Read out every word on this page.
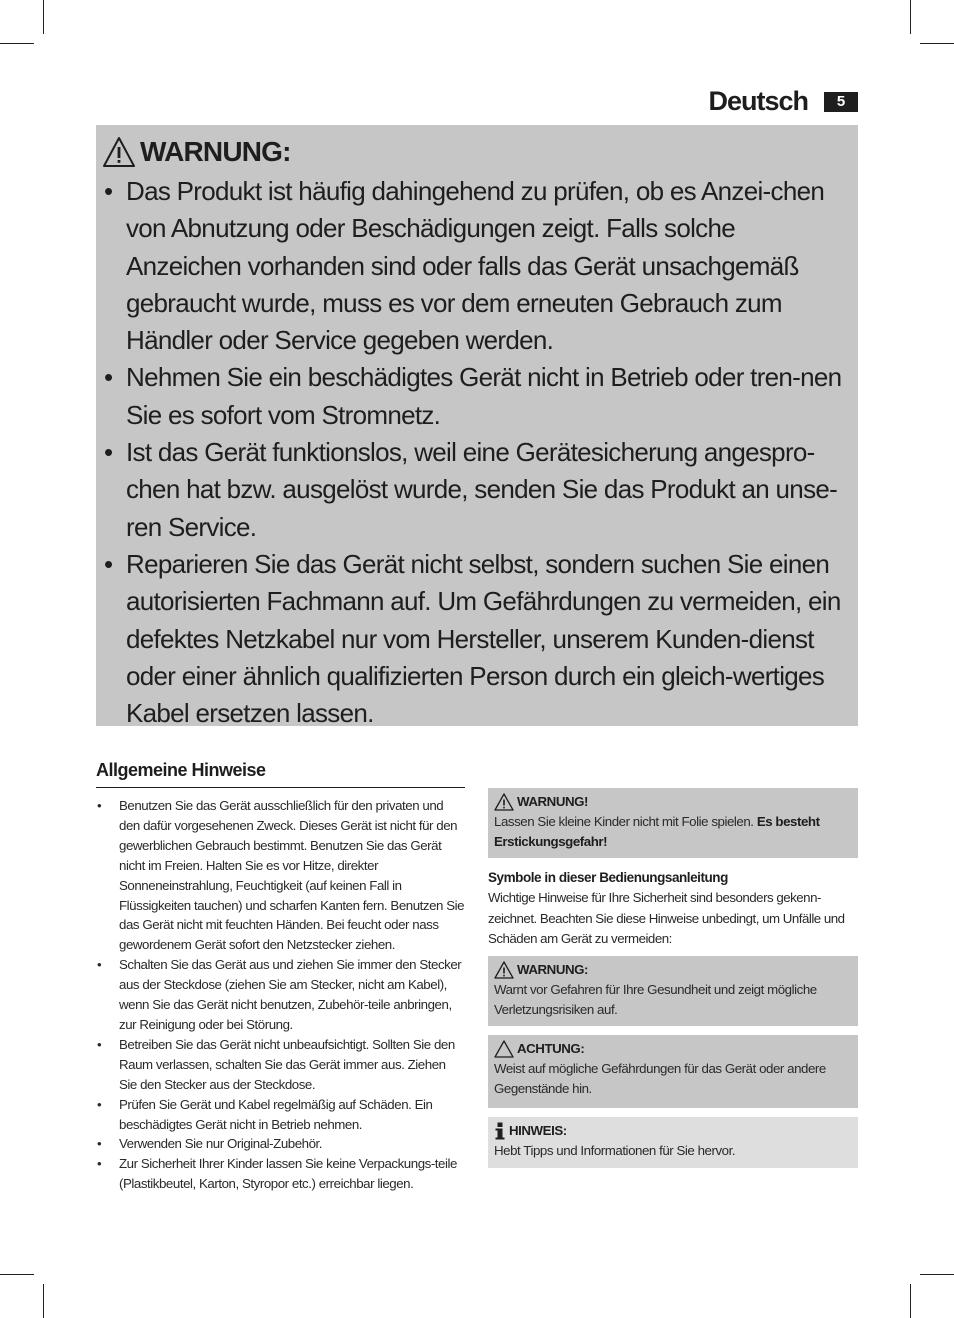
Deutsch	5
WARNUNG:
• Das Produkt ist häufig dahingehend zu prüfen, ob es Anzei-chen von Abnutzung oder Beschädigungen zeigt. Falls solche Anzeichen vorhanden sind oder falls das Gerät unsachgemäß gebraucht wurde, muss es vor dem erneuten Gebrauch zum Händler oder Service gegeben werden.
• Nehmen Sie ein beschädigtes Gerät nicht in Betrieb oder tren-nen Sie es sofort vom Stromnetz.
• Ist das Gerät funktionslos, weil eine Gerätesicherung angespro-chen hat bzw. ausgelöst wurde, senden Sie das Produkt an unse-ren Service.
• Reparieren Sie das Gerät nicht selbst, sondern suchen Sie einen autorisierten Fachmann auf. Um Gefährdungen zu vermeiden, ein defektes Netzkabel nur vom Hersteller, unserem Kunden-dienst oder einer ähnlich qualifizierten Person durch ein gleich-wertiges Kabel ersetzen lassen.
Allgemeine Hinweise
• Benutzen Sie das Gerät ausschließlich für den privaten und den dafür vorgesehenen Zweck. Dieses Gerät ist nicht für den gewerblichen Gebrauch bestimmt. Benutzen Sie das Gerät nicht im Freien. Halten Sie es vor Hitze, direkter Sonneneinstrahlung, Feuchtigkeit (auf keinen Fall in Flüssigkeiten tauchen) und scharfen Kanten fern. Benutzen Sie das Gerät nicht mit feuchten Händen. Bei feucht oder nass gewordenem Gerät sofort den Netzstecker ziehen.
• Schalten Sie das Gerät aus und ziehen Sie immer den Stecker aus der Steckdose (ziehen Sie am Stecker, nicht am Kabel), wenn Sie das Gerät nicht benutzen, Zubehör-teile anbringen, zur Reinigung oder bei Störung.
• Betreiben Sie das Gerät nicht unbeaufsichtigt. Sollten Sie den Raum verlassen, schalten Sie das Gerät immer aus. Ziehen Sie den Stecker aus der Steckdose.
• Prüfen Sie Gerät und Kabel regelmäßig auf Schäden. Ein beschädigtes Gerät nicht in Betrieb nehmen.
• Verwenden Sie nur Original-Zubehör.
• Zur Sicherheit Ihrer Kinder lassen Sie keine Verpackungs-teile (Plastikbeutel, Karton, Styropor etc.) erreichbar liegen.
WARNUNG!
Lassen Sie kleine Kinder nicht mit Folie spielen. Es besteht Erstickungsgefahr!
Symbole in dieser Bedienungsanleitung
Wichtige Hinweise für Ihre Sicherheit sind besonders gekenn-zeichnet. Beachten Sie diese Hinweise unbedingt, um Unfälle und Schäden am Gerät zu vermeiden:
WARNUNG:
Warnt vor Gefahren für Ihre Gesundheit und zeigt mögliche Verletzungsrisiken auf.
ACHTUNG:
Weist auf mögliche Gefährdungen für das Gerät oder andere Gegenstände hin.
HINWEIS:
Hebt Tipps und Informationen für Sie hervor.
